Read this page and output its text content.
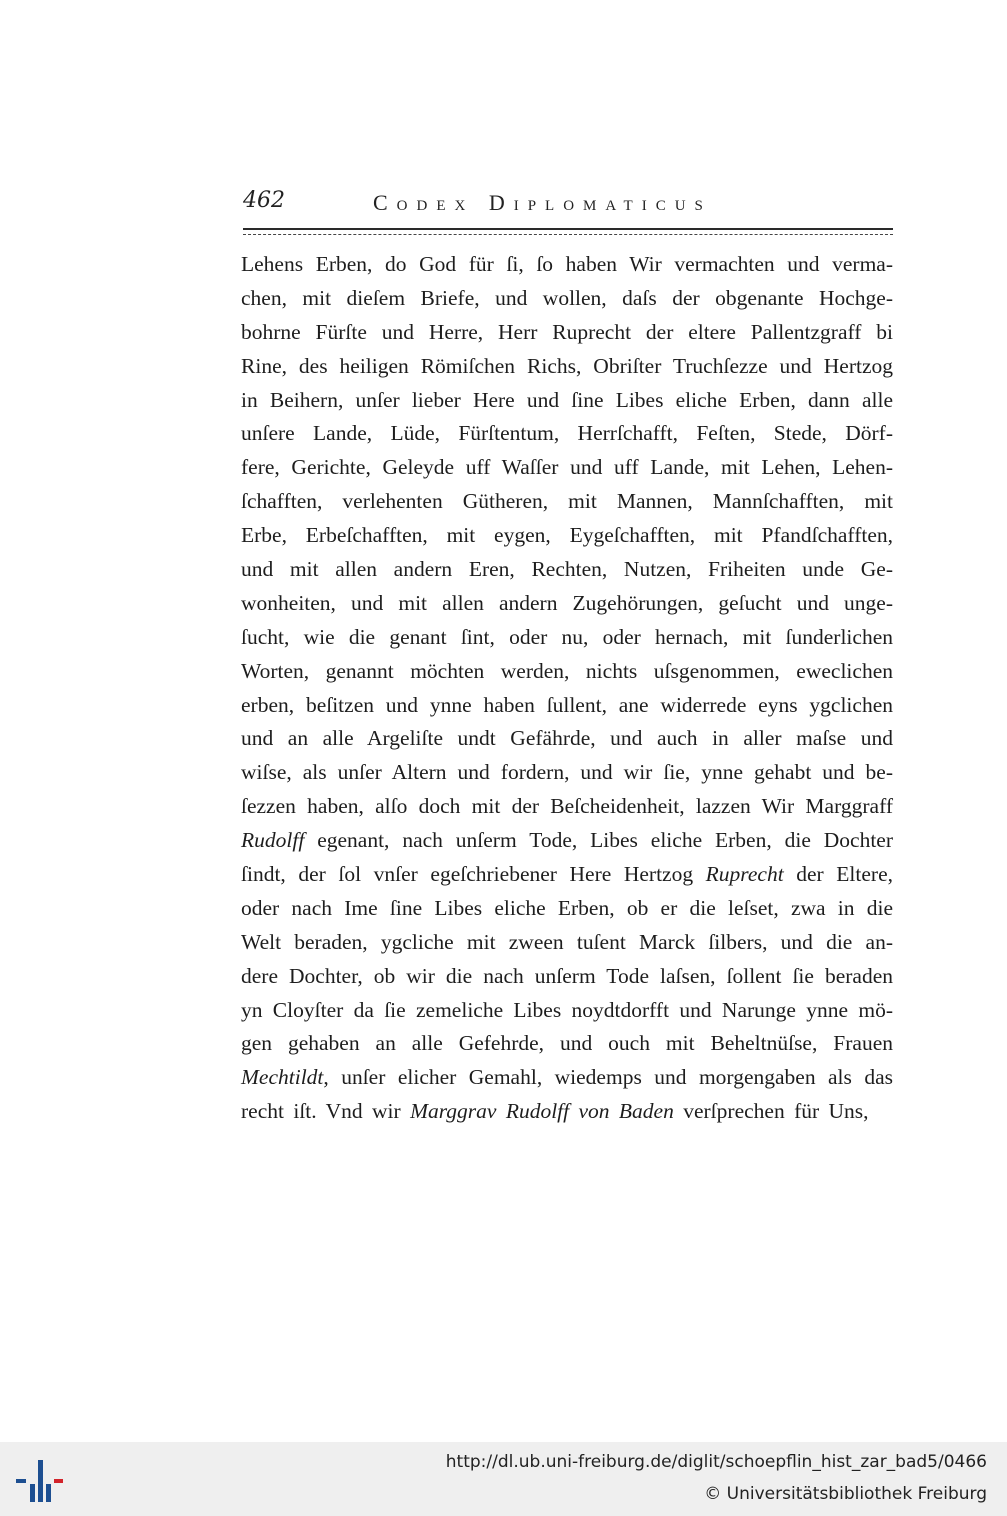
462	Codex Diplomaticus
Lehens Erben, do God für ſi, ſo haben Wir vermachten und verma-
chen, mit dieſem Briefe, und wollen, daſs der obgenante Hochge-
bohrne Fürſte und Herre, Herr Ruprecht der eltere Pallentzgraff bi
Rine, des heiligen Römiſchen Richs, Obriſter Truchſezze und Hertzog
in Beihern, unſer lieber Here und ſine Libes eliche Erben, dann alle
unſere Lande, Lüde, Fürſtentum, Herrſchafft, Feſten, Stede, Dörf-
fere, Gerichte, Geleyde uff Waſſer und uff Lande, mit Lehen, Lehen-
ſchafften, verlehenten Gütheren, mit Mannen, Mannſchafften, mit
Erbe, Erbeſchafften, mit eygen, Eygeſchafften, mit Pfandſchafften,
und mit allen andern Eren, Rechten, Nutzen, Friheiten unde Ge-
wonheiten, und mit allen andern Zugehörungen, geſucht und unge-
ſucht, wie die genant ſint, oder nu, oder hernach, mit ſunderlichen
Worten, genannt möchten werden, nichts uſsgenommen, eweclichen
erben, beſitzen und ynne haben ſullent, ane widerrede eyns ygclichen
und an alle Argeliſte undt Gefährde, und auch in aller maſse und
wiſse, als unſer Altern und fordern, und wir ſie, ynne gehabt und be-
ſezzen haben, alſo doch mit der Beſcheidenheit, lazzen Wir Marggraff
Rudolff egenant, nach unſerm Tode, Libes eliche Erben, die Dochter
ſindt, der ſol vnſer egeſchriebener Here Hertzog Ruprecht der Eltere,
oder nach Ime ſine Libes eliche Erben, ob er die leſset, zwa in die
Welt beraden, ygcliche mit zween tuſent Marck ſilbers, und die an-
dere Dochter, ob wir die nach unſerm Tode laſsen, ſollent ſie beraden
yn Cloyſter da ſie zemeliche Libes noydtdorfft und Narunge ynne mö-
gen gehaben an alle Gefehrde, und ouch mit Beheltnüſse, Frauen
Mechtildt, unſer elicher Gemahl, wiedemps und morgengaben als das
recht iſt. Vnd wir Marggrav Rudolff von Baden verſprechen für Uns,
http://dl.ub.uni-freiburg.de/diglit/schoepflin_hist_zar_bad5/0466
© Universitätsbibliothek Freiburg
